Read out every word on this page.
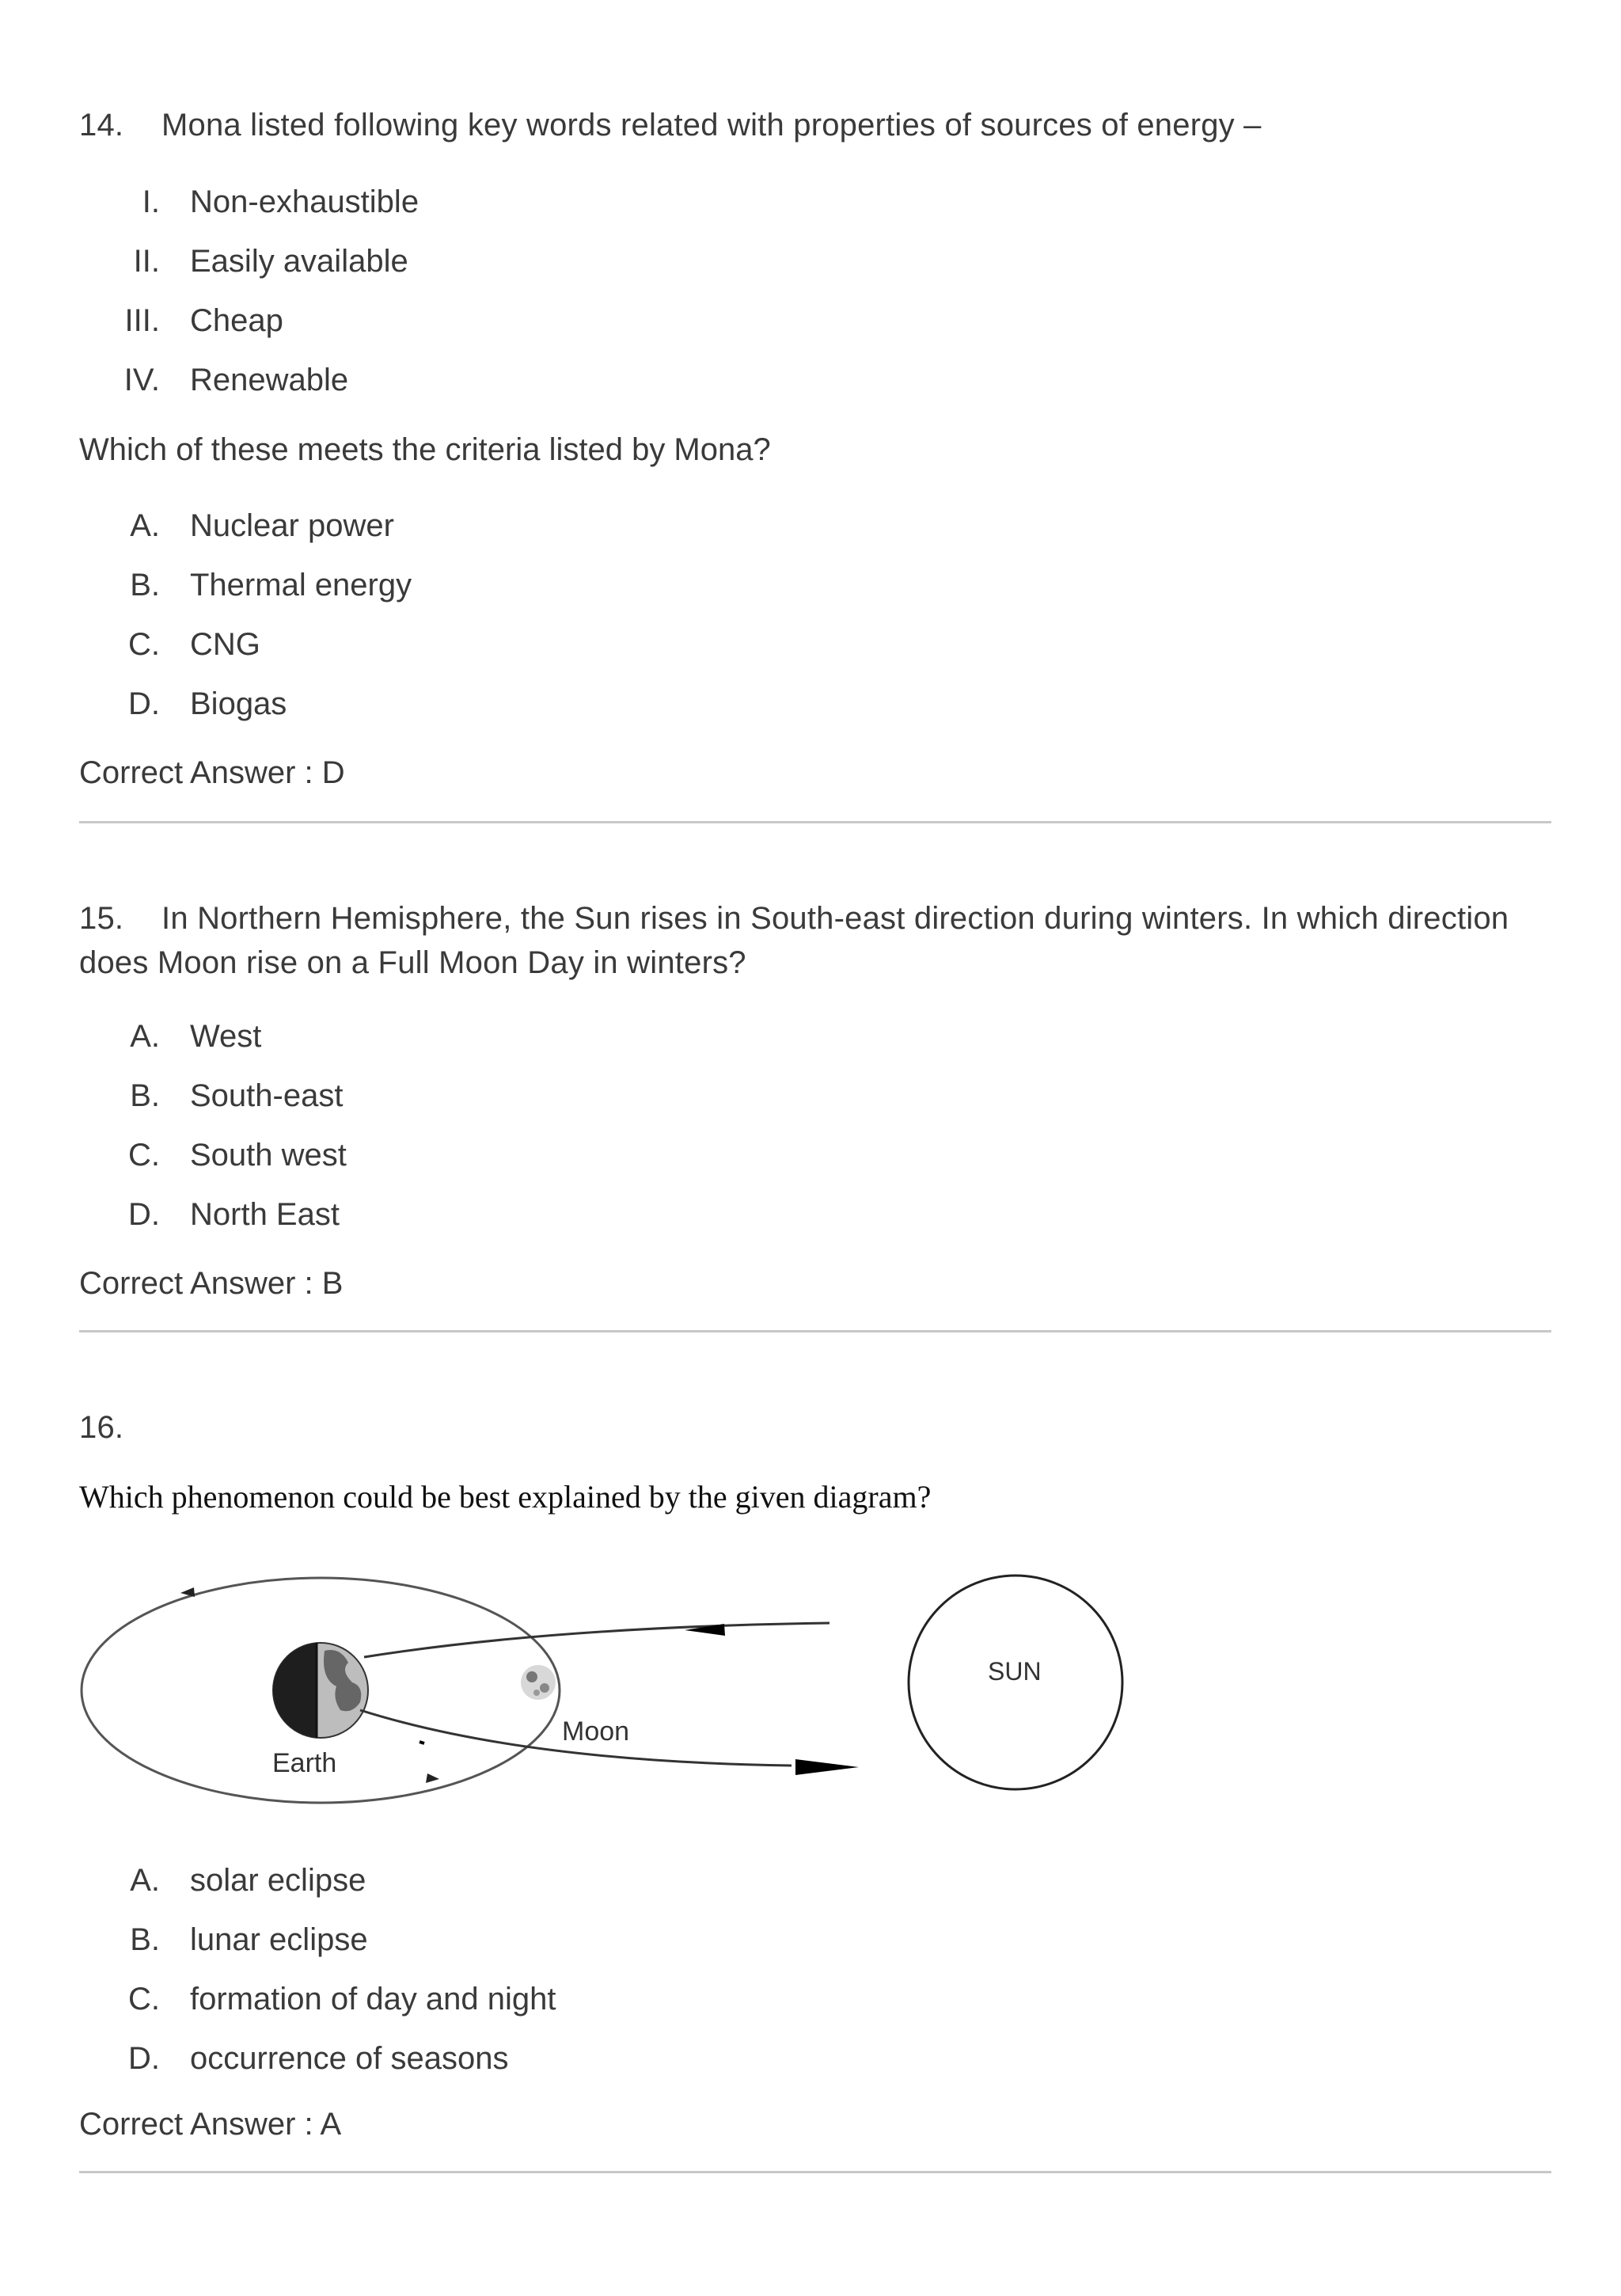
14. Mona listed following key words related with properties of sources of energy –

I. Non-exhaustible
II. Easily available
III. Cheap
IV. Renewable

Which of these meets the criteria listed by Mona?

A. Nuclear power
B. Thermal energy
C. CNG
D. Biogas

Correct Answer : D

15. In Northern Hemisphere, the Sun rises in South-east direction during winters. In which direction

does Moon rise on a Full Moon Day in winters?

A. West
B. South-east
C. South west
D. North East

Correct Answer : B

16.

Which phenomenon could be best explained by the given diagram?

Earth
Moon
SUN
A. solar eclipse
B. lunar eclipse
C. formation of day and night
D. occurrence of seasons

Correct Answer : A
